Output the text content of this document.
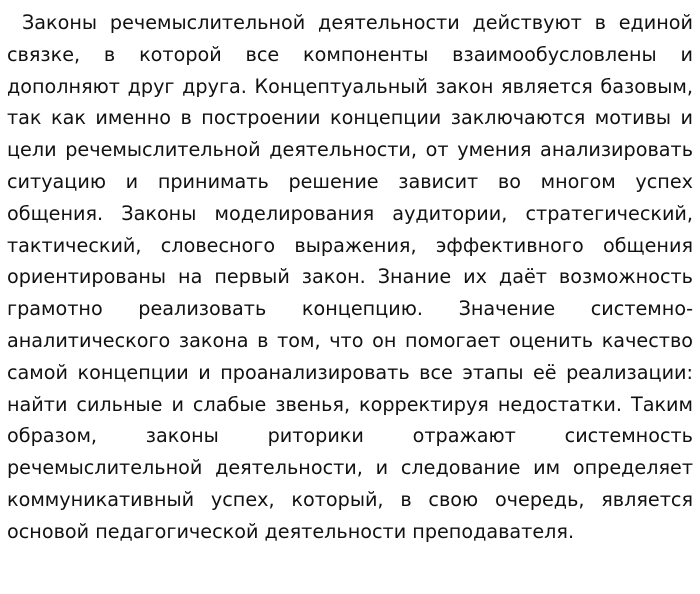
Законы речемыслительной деятельности действуют в единой связке, в которой все компоненты взаимообусловлены и дополняют друг друга. Концептуальный закон является базовым, так как именно в построении концепции заключаются мотивы и цели речемыслительной деятельности, от умения анализировать ситуацию и принимать решение зависит во многом успех общения. Законы моделирования аудитории, стратегический, тактический, словесного выражения, эффективного общения ориентированы на первый закон. Знание их даёт возможность грамотно реализовать концепцию. Значение системно-аналитического закона в том, что он помогает оценить качество самой концепции и проанализировать все этапы её реализации: найти сильные и слабые звенья, корректируя недостатки. Таким образом, законы риторики отражают системность речемыслительной деятельности, и следование им определяет коммуникативный успех, который, в свою очередь, является основой педагогической деятельности преподавателя.
